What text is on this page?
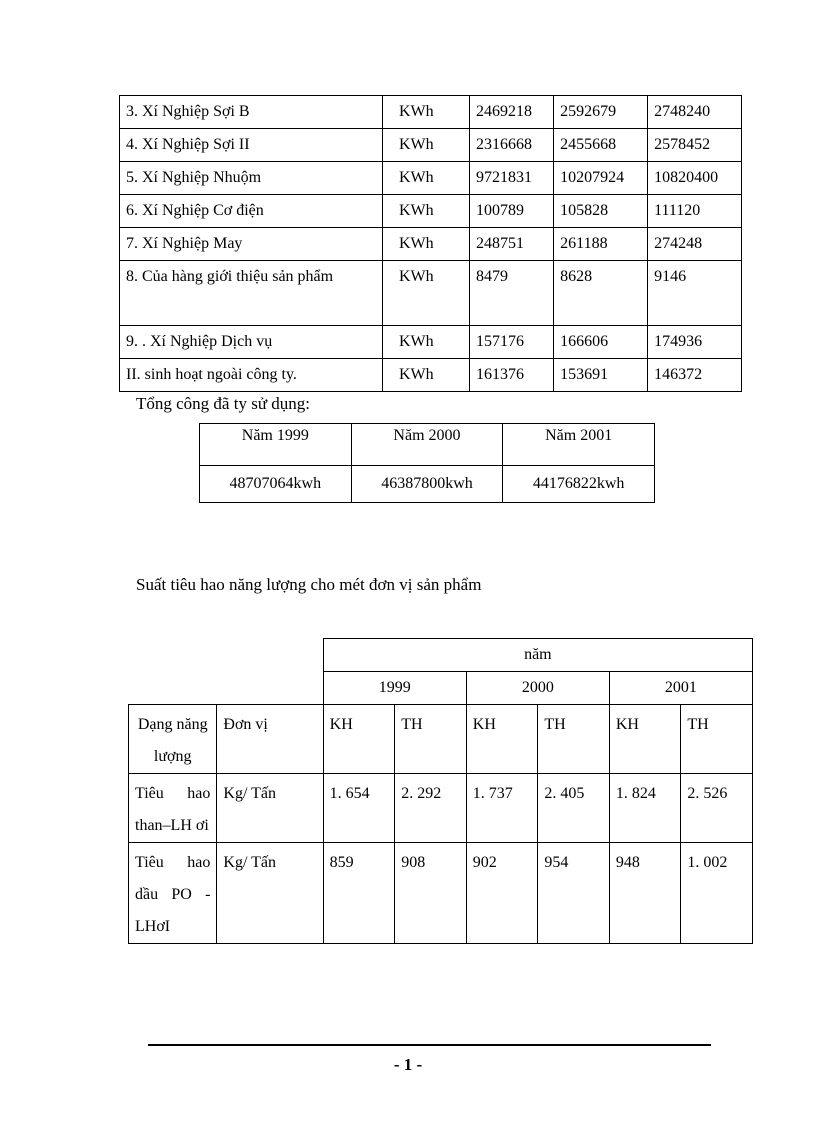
3. Xí Nghiệp Sợi B	KWh	2469218	2592679	2748240
4. Xí Nghiệp Sợi II	KWh	2316668	2455668	2578452
5. Xí Nghiệp Nhuộm	KWh	9721831	10207924	10820400
6. Xí Nghiệp Cơ điện	KWh	100789	105828	111120
7. Xí Nghiệp May	KWh	248751	261188	274248
8. Của hàng giới thiệu sản phẩm	KWh	8479	8628	9146
9. . Xí Nghiệp Dịch vụ	KWh	157176	166606	174936
II. sinh hoạt ngoài công ty.	KWh	161376	153691	146372
Tổng công đã ty sử dụng:
Năm 1999	Năm 2000	Năm 2001
48707064kwh	46387800kwh	44176822kwh
Suất tiêu hao năng lượng cho mét đơn vị sản phẩm
		năm					
		1999		2000		2001	
Dạng năng lượng	Đơn vị	KH	TH	KH	TH	KH	TH
Tiêu hao than–LH ơi	Kg/ Tấn	1. 654	2. 292	1. 737	2. 405	1. 824	2. 526
Tiêu hao dầu PO - LHơI	Kg/ Tấn	859	908	902	954	948	1. 002
- 1 -
